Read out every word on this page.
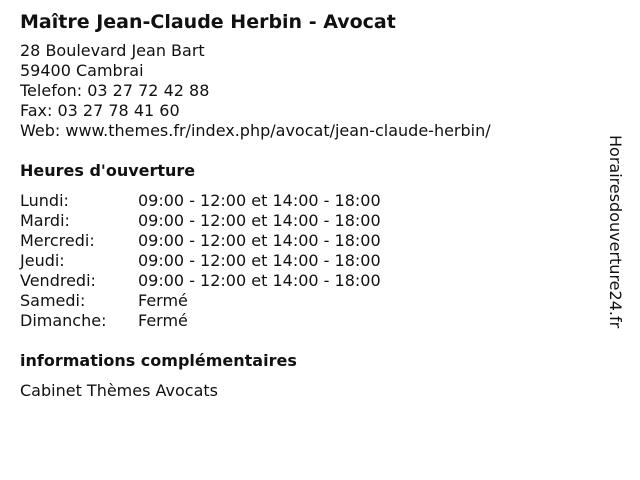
Maître Jean-Claude Herbin - Avocat
28 Boulevard Jean Bart
59400 Cambrai
Telefon: 03 27 72 42 88
Fax: 03 27 78 41 60
Web: www.themes.fr/index.php/avocat/jean-claude-herbin/
Heures d'ouverture
Lundi:	09:00 - 12:00 et 14:00 - 18:00
Mardi:	09:00 - 12:00 et 14:00 - 18:00
Mercredi:	09:00 - 12:00 et 14:00 - 18:00
Jeudi:	09:00 - 12:00 et 14:00 - 18:00
Vendredi:	09:00 - 12:00 et 14:00 - 18:00
Samedi:	Fermé
Dimanche:	Fermé
informations complémentaires
Cabinet Thèmes Avocats
Horairesdouverture24.fr
